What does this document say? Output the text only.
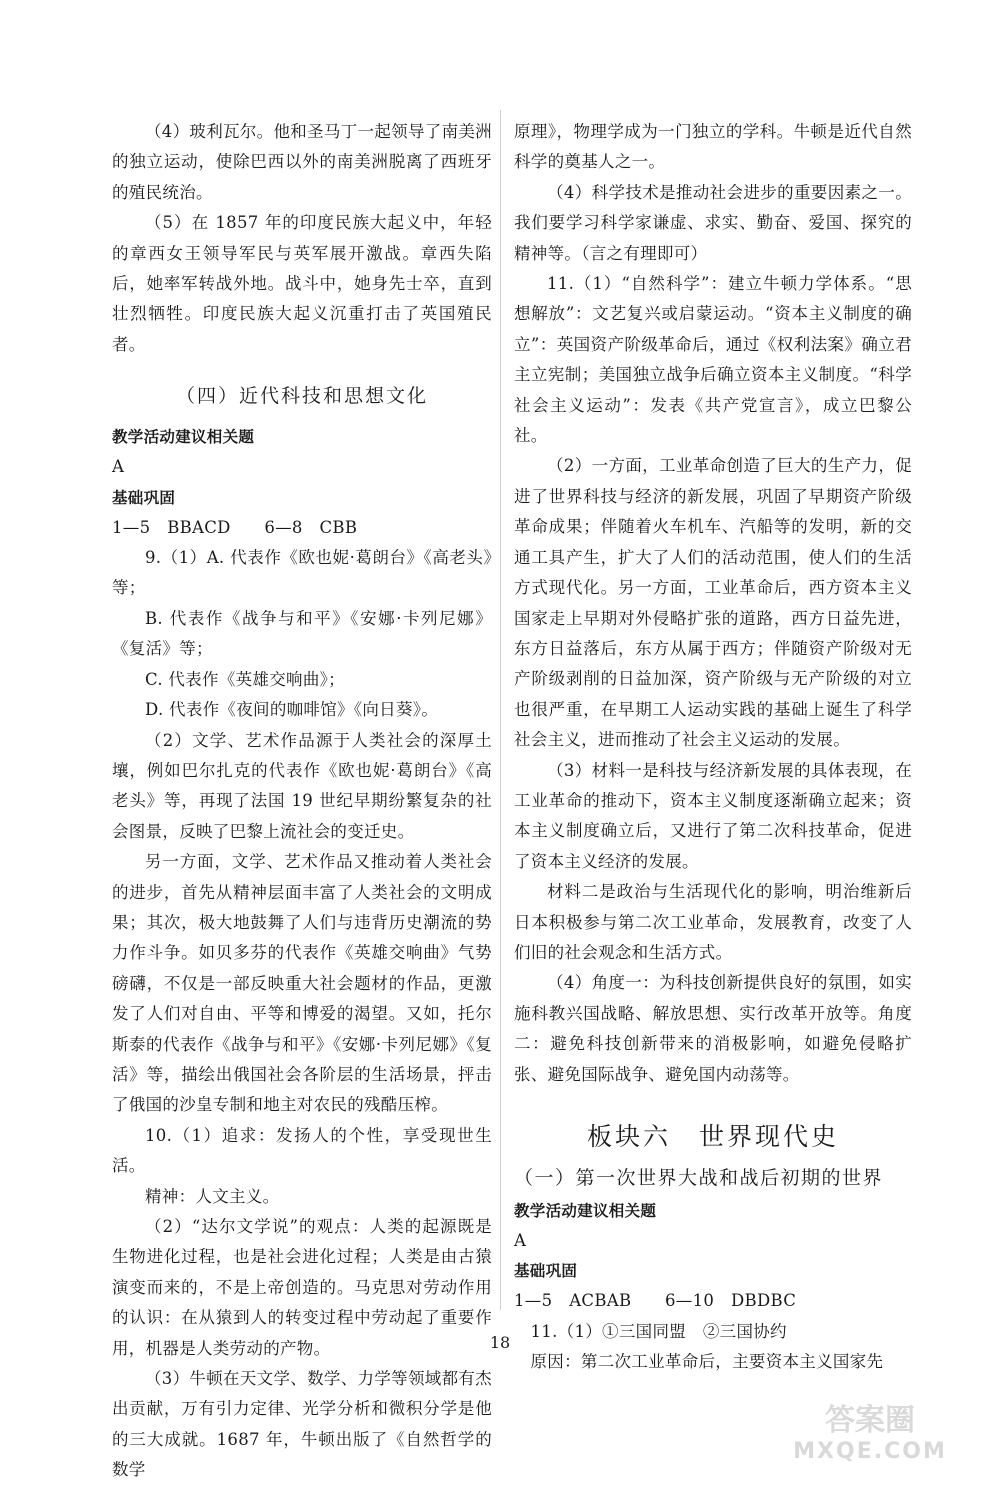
（4）玻利瓦尔。他和圣马丁一起领导了南美洲的独立运动，使除巴西以外的南美洲脱离了西班牙的殖民统治。

（5）在 1857 年的印度民族大起义中，年轻的章西女王领导军民与英军展开激战。章西失陷后，她率军转战外地。战斗中，她身先士卒，直到壮烈牺牲。印度民族大起义沉重打击了英国殖民者。

（四）近代科技和思想文化

教学活动建议相关题

A

基础巩固

1—5　BBACD　　6—8　CBB

9.（1）A. 代表作《欧也妮·葛朗台》《高老头》等；

B. 代表作《战争与和平》《安娜·卡列尼娜》《复活》等；

C. 代表作《英雄交响曲》；

D. 代表作《夜间的咖啡馆》《向日葵》。

（2）文学、艺术作品源于人类社会的深厚土壤，例如巴尔扎克的代表作《欧也妮·葛朗台》《高老头》等，再现了法国 19 世纪早期纷繁复杂的社会图景，反映了巴黎上流社会的变迁史。

另一方面，文学、艺术作品又推动着人类社会的进步，首先从精神层面丰富了人类社会的文明成果；其次，极大地鼓舞了人们与违背历史潮流的势力作斗争。如贝多芬的代表作《英雄交响曲》气势磅礴，不仅是一部反映重大社会题材的作品，更激发了人们对自由、平等和博爱的渴望。又如，托尔斯泰的代表作《战争与和平》《安娜·卡列尼娜》《复活》等，描绘出俄国社会各阶层的生活场景，抨击了俄国的沙皇专制和地主对农民的残酷压榨。

10.（1）追求：发扬人的个性，享受现世生活。

精神：人文主义。

（2）“达尔文学说”的观点：人类的起源既是生物进化过程，也是社会进化过程；人类是由古猿演变而来的，不是上帝创造的。马克思对劳动作用的认识：在从猿到人的转变过程中劳动起了重要作用，机器是人类劳动的产物。

（3）牛顿在天文学、数学、力学等领域都有杰出贡献，万有引力定律、光学分析和微积分学是他的三大成就。1687 年，牛顿出版了《自然哲学的数学

原理》，物理学成为一门独立的学科。牛顿是近代自然科学的奠基人之一。

（4）科学技术是推动社会进步的重要因素之一。我们要学习科学家谦虚、求实、勤奋、爱国、探究的精神等。（言之有理即可）

11.（1）“自然科学”：建立牛顿力学体系。“思想解放”：文艺复兴或启蒙运动。“资本主义制度的确立”：英国资产阶级革命后，通过《权利法案》确立君主立宪制；美国独立战争后确立资本主义制度。“科学社会主义运动”：发表《共产党宣言》，成立巴黎公社。

（2）一方面，工业革命创造了巨大的生产力，促进了世界科技与经济的新发展，巩固了早期资产阶级革命成果；伴随着火车机车、汽船等的发明，新的交通工具产生，扩大了人们的活动范围，使人们的生活方式现代化。另一方面，工业革命后，西方资本主义国家走上早期对外侵略扩张的道路，西方日益先进，东方日益落后，东方从属于西方；伴随资产阶级对无产阶级剥削的日益加深，资产阶级与无产阶级的对立也很严重，在早期工人运动实践的基础上诞生了科学社会主义，进而推动了社会主义运动的发展。

（3）材料一是科技与经济新发展的具体表现，在工业革命的推动下，资本主义制度逐渐确立起来；资本主义制度确立后，又进行了第二次科技革命，促进了资本主义经济的发展。

材料二是政治与生活现代化的影响，明治维新后日本积极参与第二次工业革命，发展教育，改变了人们旧的社会观念和生活方式。

（4）角度一：为科技创新提供良好的氛围，如实施科教兴国战略、解放思想、实行改革开放等。角度二：避免科技创新带来的消极影响，如避免侵略扩张、避免国际战争、避免国内动荡等。

板块六　世界现代史
（一）第一次世界大战和战后初期的世界

教学活动建议相关题

A

基础巩固

1—5　ACBAB　　6—10　DBDBC

11.（1）①三国同盟　②三国协约

原因：第二次工业革命后，主要资本主义国家先

18
答案圈
MXQE.COM
